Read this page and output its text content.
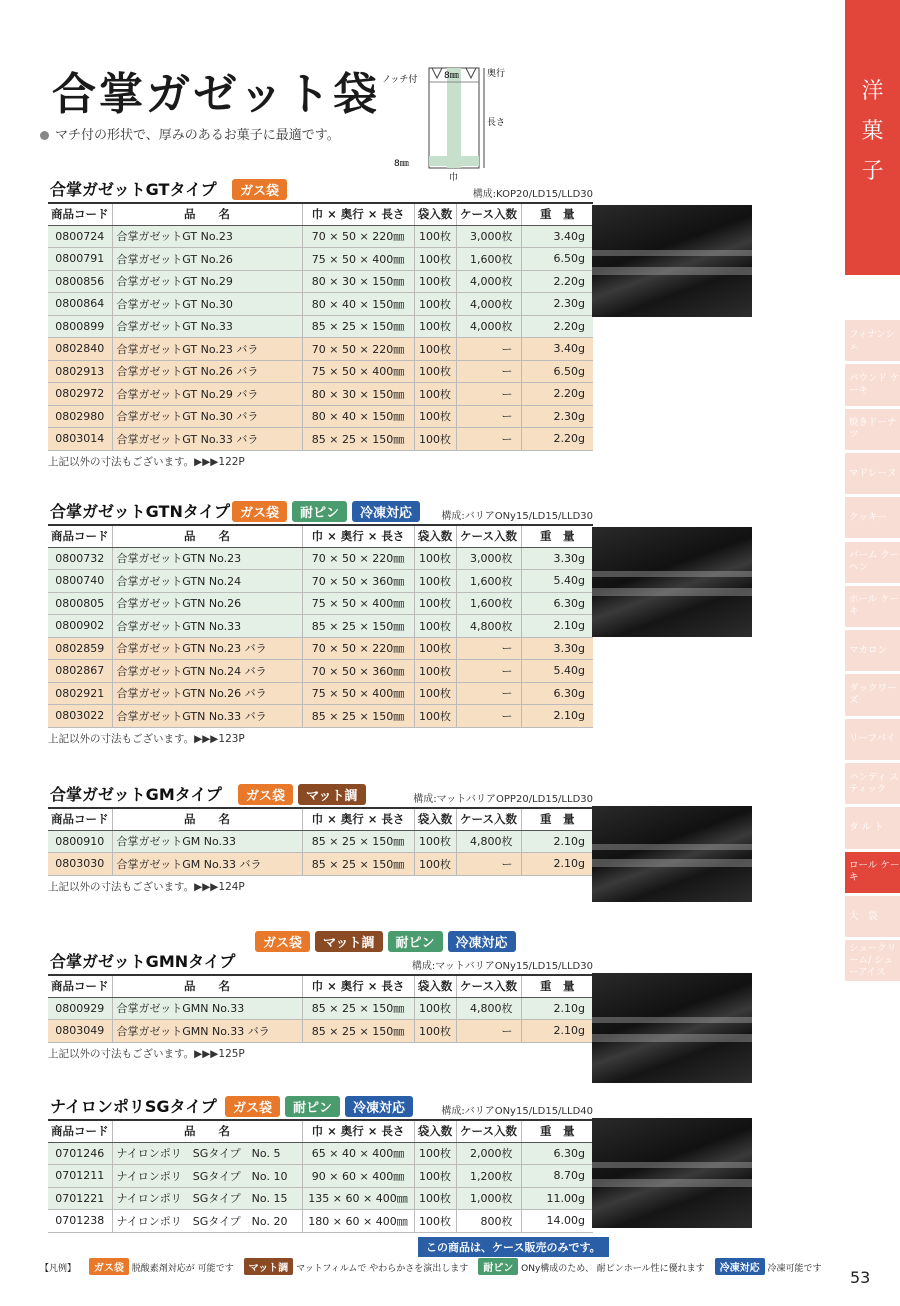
合掌ガゼット袋
マチ付の形状で、厚みのあるお菓子に最適です。
ノッチ付	8㎜	奥行
長さ
8㎜
巾
合掌ガゼットGTタイプ	ガス袋	構成:KOP20/LD15/LLD30
商品コード	品　　名	巾 × 奥行 × 長さ	袋入数	ケース入数	重　量
0800724	合掌ガゼットGT No.23	70 × 50 × 220㎜	100枚	3,000枚	3.40g
0800791	合掌ガゼットGT No.26	75 × 50 × 400㎜	100枚	1,600枚	6.50g
0800856	合掌ガゼットGT No.29	80 × 30 × 150㎜	100枚	4,000枚	2.20g
0800864	合掌ガゼットGT No.30	80 × 40 × 150㎜	100枚	4,000枚	2.30g
0800899	合掌ガゼットGT No.33	85 × 25 × 150㎜	100枚	4,000枚	2.20g
0802840	合掌ガゼットGT No.23 バラ	70 × 50 × 220㎜	100枚	ー	3.40g
0802913	合掌ガゼットGT No.26 バラ	75 × 50 × 400㎜	100枚	ー	6.50g
0802972	合掌ガゼットGT No.29 バラ	80 × 30 × 150㎜	100枚	ー	2.20g
0802980	合掌ガゼットGT No.30 バラ	80 × 40 × 150㎜	100枚	ー	2.30g
0803014	合掌ガゼットGT No.33 バラ	85 × 25 × 150㎜	100枚	ー	2.20g
上記以外の寸法もございます。▶▶▶122P
合掌ガゼットGTNタイプ ガス袋	耐ピン	冷凍対応	構成:バリアONy15/LD15/LLD30
商品コード	品　　名	巾 × 奥行 × 長さ	袋入数	ケース入数	重　量
0800732	合掌ガゼットGTN No.23	70 × 50 × 220㎜	100枚	3,000枚	3.30g
0800740	合掌ガゼットGTN No.24	70 × 50 × 360㎜	100枚	1,600枚	5.40g
0800805	合掌ガゼットGTN No.26	75 × 50 × 400㎜	100枚	1,600枚	6.30g
0800902	合掌ガゼットGTN No.33	85 × 25 × 150㎜	100枚	4,800枚	2.10g
0802859	合掌ガゼットGTN No.23 バラ	70 × 50 × 220㎜	100枚	ー	3.30g
0802867	合掌ガゼットGTN No.24 バラ	70 × 50 × 360㎜	100枚	ー	5.40g
0802921	合掌ガゼットGTN No.26 バラ	75 × 50 × 400㎜	100枚	ー	6.30g
0803022	合掌ガゼットGTN No.33 バラ	85 × 25 × 150㎜	100枚	ー	2.10g
上記以外の寸法もございます。▶▶▶123P
合掌ガゼットGMタイプ	ガス袋	マット調	構成:マットバリアOPP20/LD15/LLD30
商品コード	品　　名	巾 × 奥行 × 長さ	袋入数	ケース入数	重　量
0800910	合掌ガゼットGM No.33	85 × 25 × 150㎜	100枚	4,800枚	2.10g
0803030	合掌ガゼットGM No.33 バラ	85 × 25 × 150㎜	100枚	ー	2.10g
上記以外の寸法もございます。▶▶▶124P
合掌ガゼットGMNタイプ
ガス袋	マット調	耐ピン	冷凍対応
構成:マットバリアONy15/LD15/LLD30
商品コード	品　　名	巾 × 奥行 × 長さ	袋入数	ケース入数	重　量
0800929	合掌ガゼットGMN No.33	85 × 25 × 150㎜	100枚	4,800枚	2.10g
0803049	合掌ガゼットGMN No.33 バラ	85 × 25 × 150㎜	100枚	ー	2.10g
上記以外の寸法もございます。▶▶▶125P
ナイロンポリSGタイプ	ガス袋	耐ピン	冷凍対応	構成:バリアONy15/LD15/LLD40
商品コード	品　　名	巾 × 奥行 × 長さ	袋入数	ケース入数	重　量
0701246	ナイロンポリ　SGタイプ　No. 5	65 × 40 × 400㎜	100枚	2,000枚	6.30g
0701211	ナイロンポリ　SGタイプ　No. 10	90 × 60 × 400㎜	100枚	1,200枚	8.70g
0701221	ナイロンポリ　SGタイプ　No. 15	135 × 60 × 400㎜	100枚	1,000枚	11.00g
0701238	ナイロンポリ　SGタイプ　No. 20	180 × 60 × 400㎜	100枚	800枚	14.00g
この商品は、ケース販売のみです。
洋
菓
子
フィナンシェ
パウンド ケーキ
焼きドーナツ
マドレーヌ
クッキー
バーム クーヘン
ホール ケーキ
マカロン
ダックワーズ
リーフパイ
ハンディ スティック
タ ル ト
ロール ケーキ
大　袋
シュークリーム/ シューアイス
【凡例】 ガス袋 脱酸素剤対応が 可能です マット調 マットフィルムで やわらかさを演出します 耐ピン ONy構成のため、 耐ピンホール性に優れます 冷凍対応 冷凍可能です 53
